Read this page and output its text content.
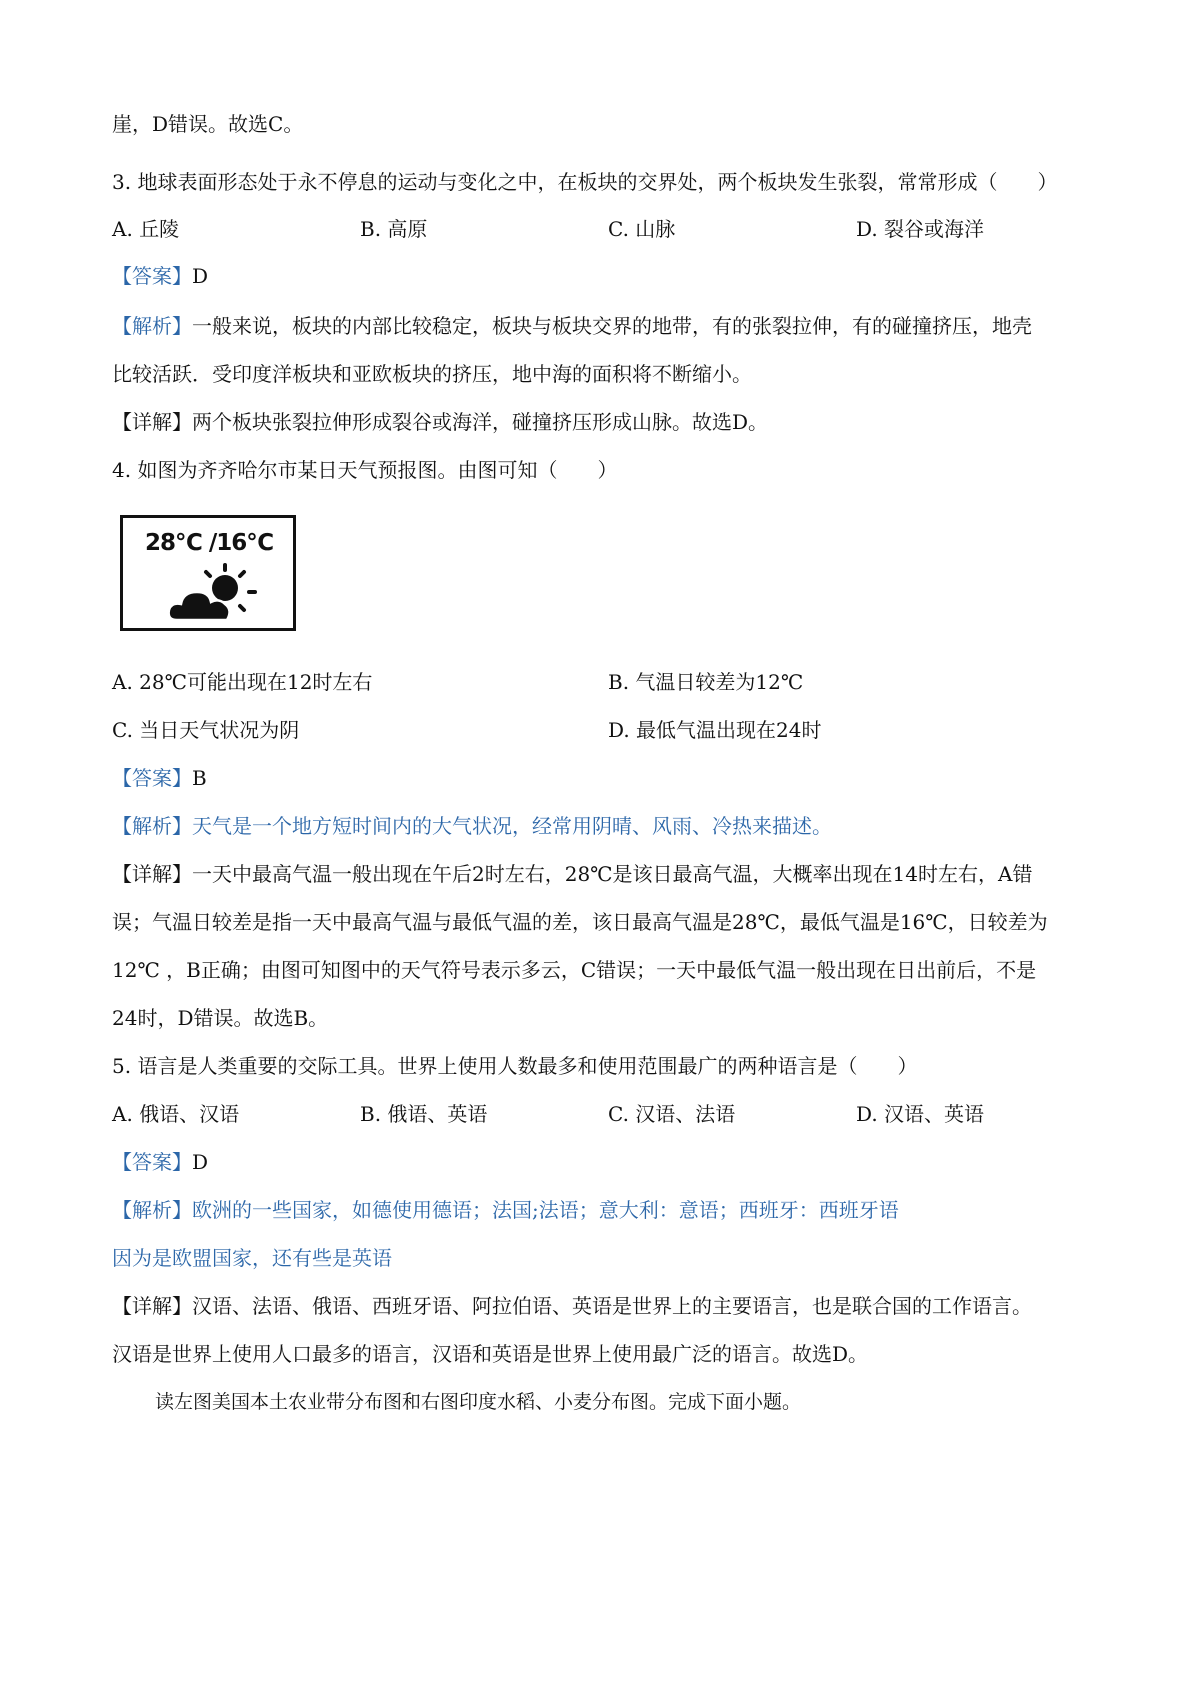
崖，D错误。故选C。
3. 地球表面形态处于永不停息的运动与变化之中，在板块的交界处，两个板块发生张裂，常常形成（　　）
A. 丘陵	B. 高原	C. 山脉	D. 裂谷或海洋
【答案】D
【解析】一般来说，板块的内部比较稳定，板块与板块交界的地带，有的张裂拉伸，有的碰撞挤压，地壳
比较活跃．受印度洋板块和亚欧板块的挤压，地中海的面积将不断缩小。
【详解】两个板块张裂拉伸形成裂谷或海洋，碰撞挤压形成山脉。故选D。
4. 如图为齐齐哈尔市某日天气预报图。由图可知（　　）
28℃ /16℃
A. 28℃可能出现在12时左右	B. 气温日较差为12℃
C. 当日天气状况为阴	D. 最低气温出现在24时
【答案】B
【解析】天气是一个地方短时间内的大气状况，经常用阴晴、风雨、冷热来描述。
【详解】一天中最高气温一般出现在午后2时左右，28℃是该日最高气温，大概率出现在14时左右，A错
误；气温日较差是指一天中最高气温与最低气温的差，该日最高气温是28℃，最低气温是16℃，日较差为
12℃ ，B正确；由图可知图中的天气符号表示多云，C错误；一天中最低气温一般出现在日出前后，不是
24时，D错误。故选B。
5. 语言是人类重要的交际工具。世界上使用人数最多和使用范围最广的两种语言是（　　）
A. 俄语、汉语	B. 俄语、英语	C. 汉语、法语	D. 汉语、英语
【答案】D
【解析】欧洲的一些国家，如德使用德语；法国;法语；意大利：意语；西班牙：西班牙语
因为是欧盟国家，还有些是英语
【详解】汉语、法语、俄语、西班牙语、阿拉伯语、英语是世界上的主要语言，也是联合国的工作语言。
汉语是世界上使用人口最多的语言，汉语和英语是世界上使用最广泛的语言。故选D。
读左图美国本土农业带分布图和右图印度水稻、小麦分布图。完成下面小题。
